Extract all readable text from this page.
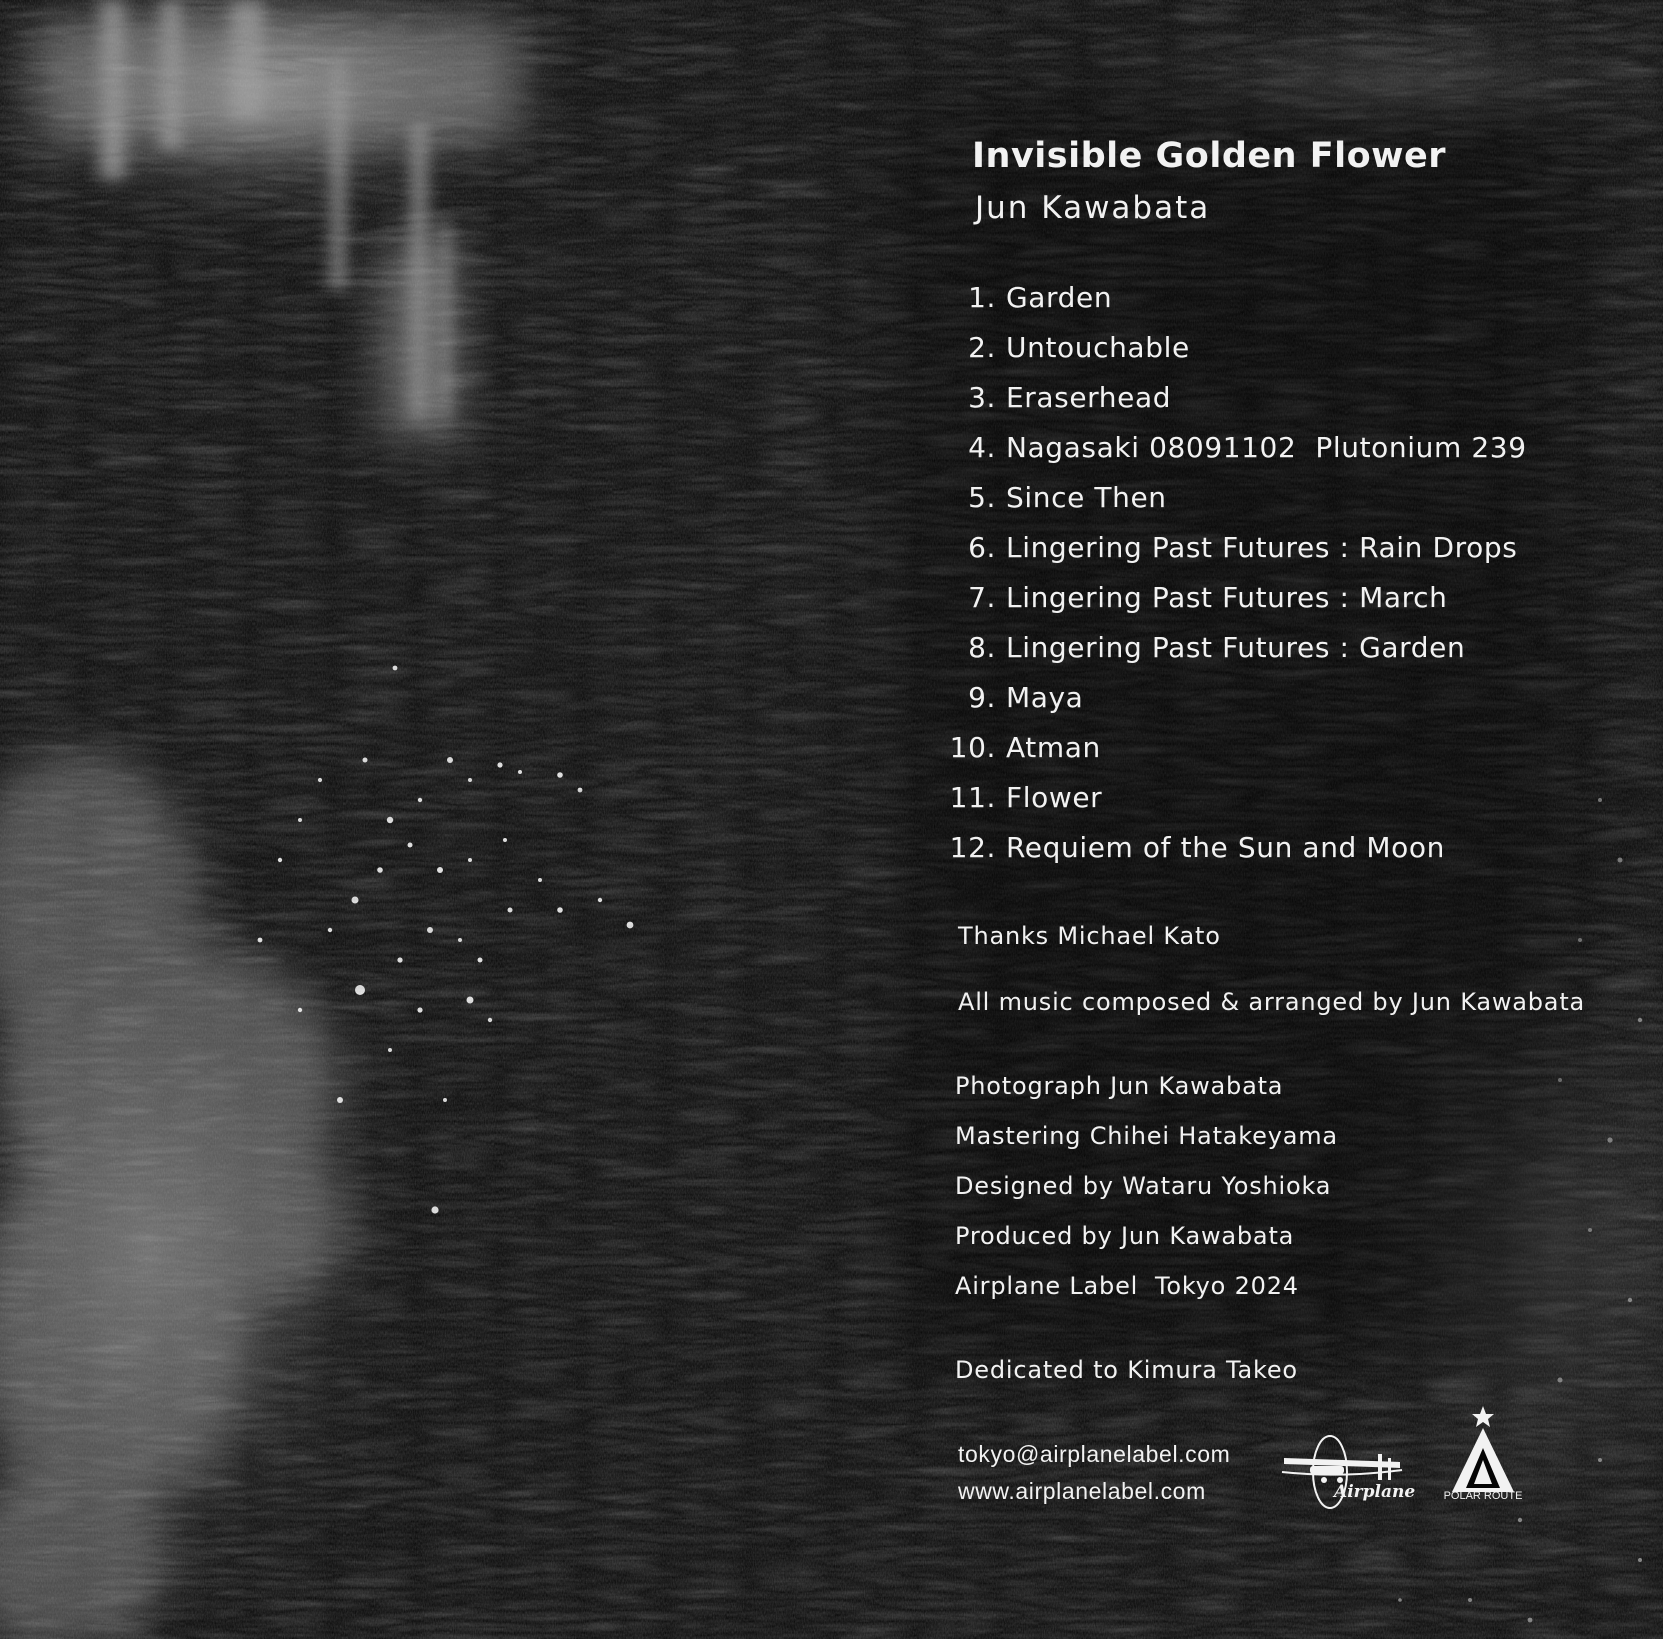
Invisible Golden Flower
Jun Kawabata
1. Garden
2. Untouchable
3. Eraserhead
4. Nagasaki 08091102  Plutonium 239
5. Since Then
6. Lingering Past Futures : Rain Drops
7. Lingering Past Futures : March
8. Lingering Past Futures : Garden
9. Maya
10. Atman
11. Flower
12. Requiem of the Sun and Moon
Thanks Michael Kato
All music composed & arranged by Jun Kawabata
Photograph Jun Kawabata
Mastering Chihei Hatakeyama
Designed by Wataru Yoshioka
Produced by Jun Kawabata
Airplane Label  Tokyo 2024
Dedicated to Kimura Takeo
tokyo@airplanelabel.com
www.airplanelabel.com	Airplane	POLAR ROUTE
